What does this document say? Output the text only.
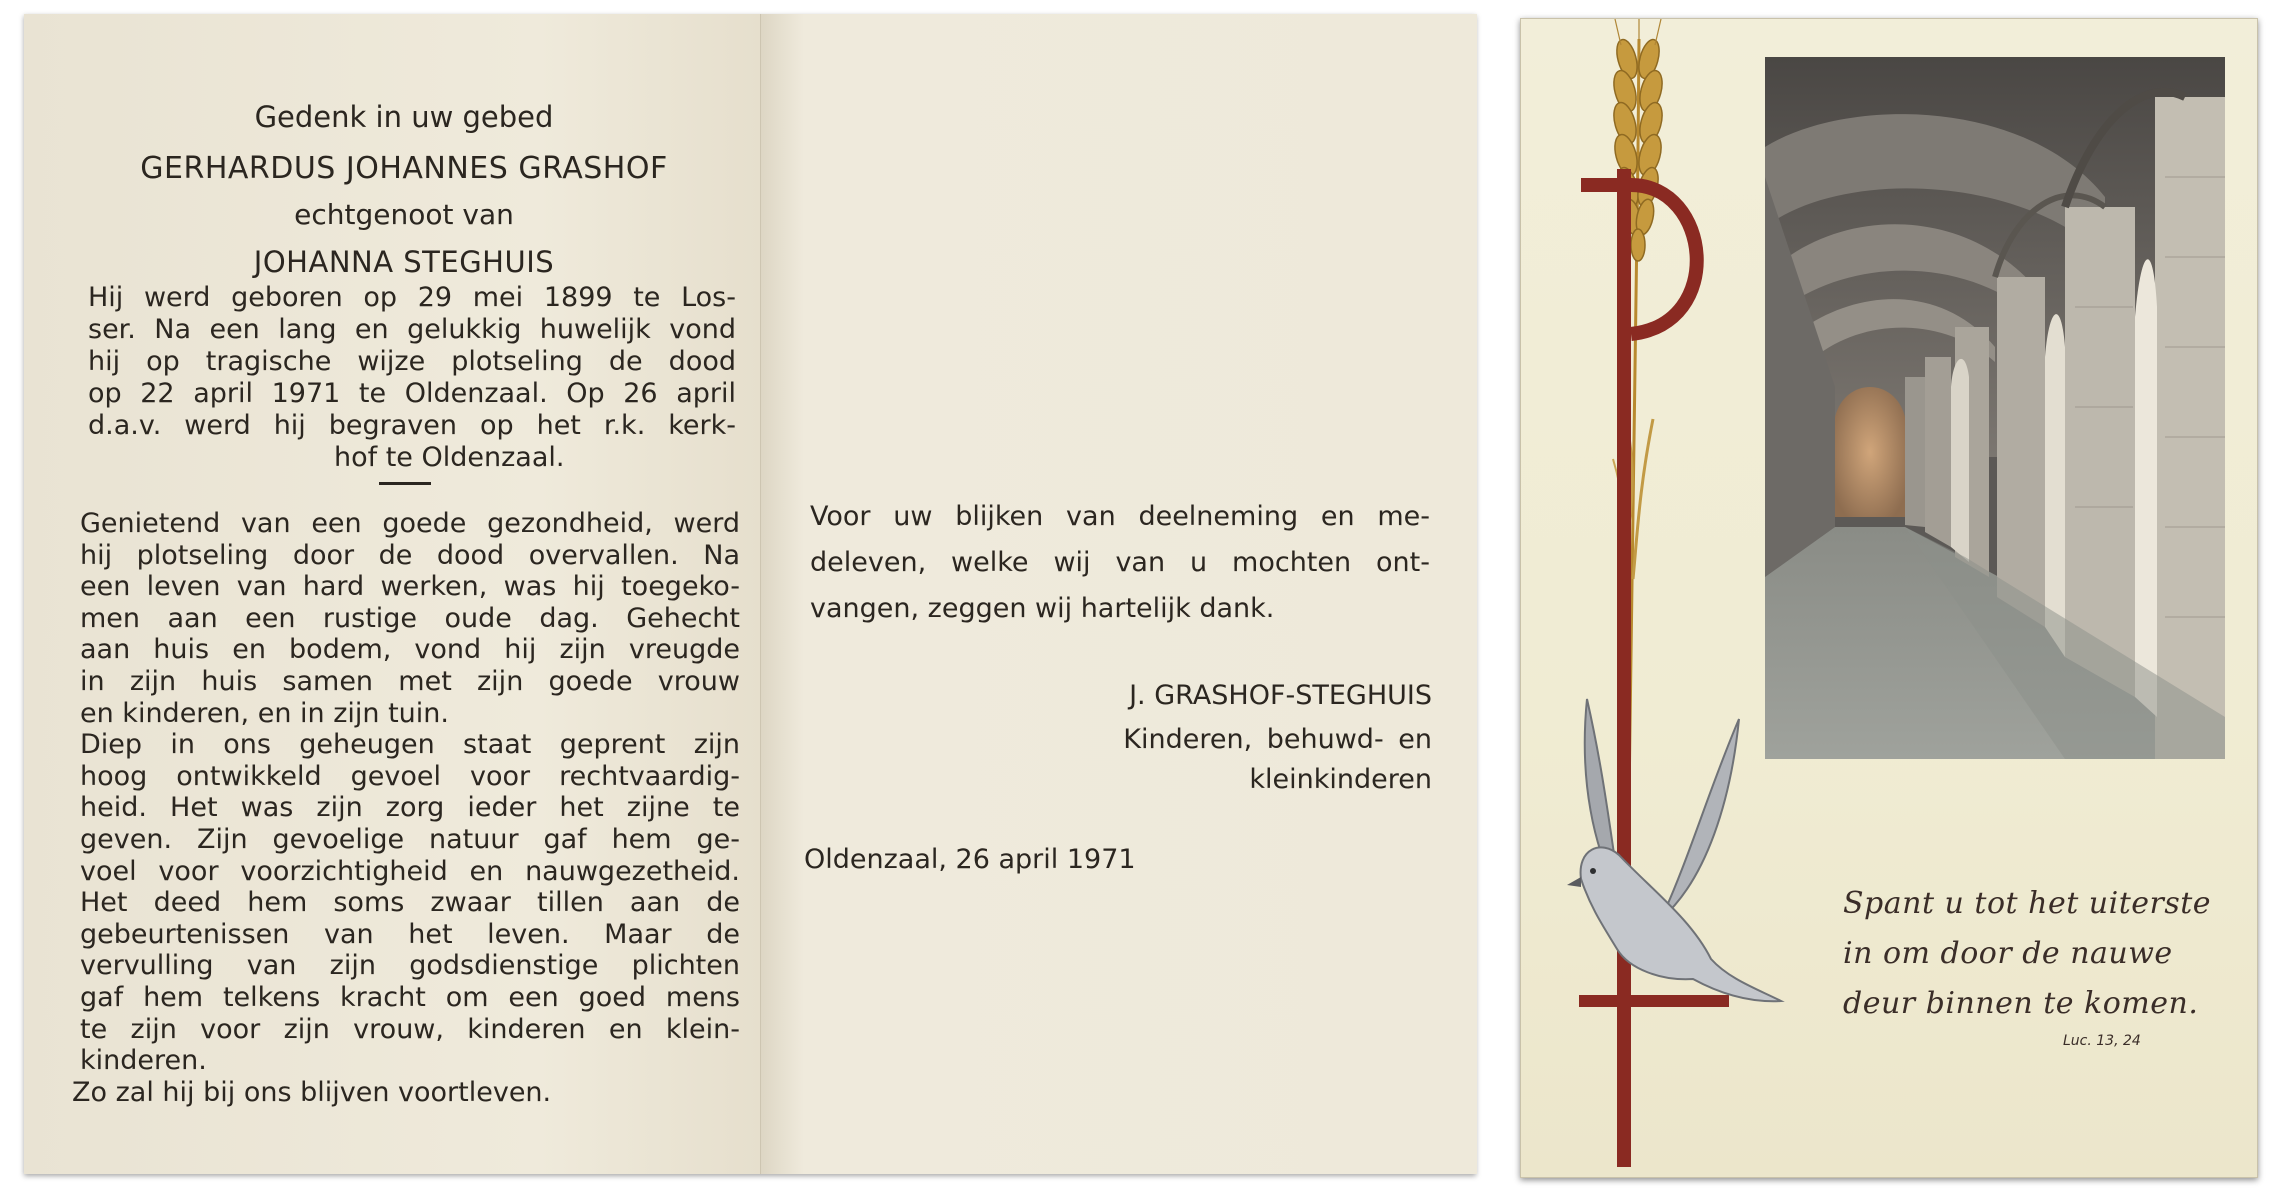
Gedenk in uw gebed
GERHARDUS JOHANNES GRASHOF
echtgenoot van
JOHANNA STEGHUIS
Hij werd geboren op 29 mei 1899 te Los-
ser. Na een lang en gelukkig huwelijk vond
hij op tragische wijze plotseling de dood
op 22 april 1971 te Oldenzaal. Op 26 april
d.a.v. werd hij begraven op het r.k. kerk-
hof te Oldenzaal.
Genietend van een goede gezondheid, werd
hij plotseling door de dood overvallen. Na
een leven van hard werken, was hij toegeko-
men aan een rustige oude dag. Gehecht
aan huis en bodem, vond hij zijn vreugde
in zijn huis samen met zijn goede vrouw
en kinderen, en in zijn tuin.
Diep in ons geheugen staat geprent zijn
hoog ontwikkeld gevoel voor rechtvaardig-
heid. Het was zijn zorg ieder het zijne te
geven. Zijn gevoelige natuur gaf hem ge-
voel voor voorzichtigheid en nauwgezetheid.
Het deed hem soms zwaar tillen aan de
gebeurtenissen van het leven. Maar de
vervulling van zijn godsdienstige plichten
gaf hem telkens kracht om een goed mens
te zijn voor zijn vrouw, kinderen en klein-
kinderen.
Zo zal hij bij ons blijven voortleven.
Voor uw blijken van deelneming en me-
deleven, welke wij van u mochten ont-
vangen, zeggen wij hartelijk dank.
J. GRASHOF-STEGHUIS
Kinderen, behuwd- en
kleinkinderen
Oldenzaal, 26 april 1971
Spant u tot het uiterste
in om door de nauwe
deur binnen te komen.
Luc. 13, 24
